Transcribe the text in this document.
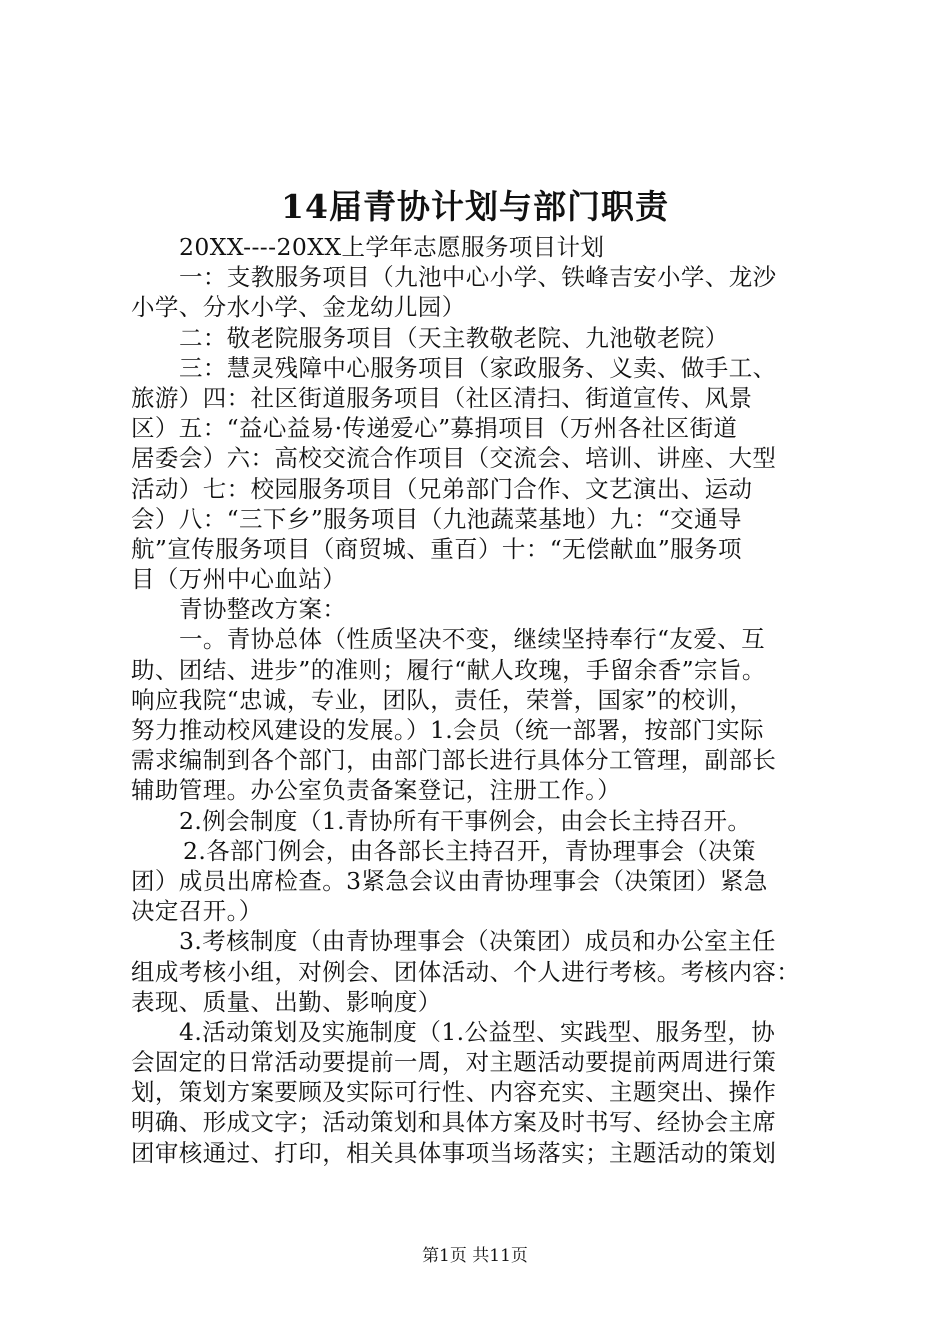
14届青协计划与部门职责
20XX----20XX上学年志愿服务项目计划
一：支教服务项目（九池中心小学、铁峰吉安小学、龙沙
小学、分水小学、金龙幼儿园）
二：敬老院服务项目（天主教敬老院、九池敬老院）
三：慧灵残障中心服务项目（家政服务、义卖、做手工、
旅游）四：社区街道服务项目（社区清扫、街道宣传、风景
区）五：“益心益易·传递爱心”募捐项目（万州各社区街道
居委会）六：高校交流合作项目（交流会、培训、讲座、大型
活动）七：校园服务项目（兄弟部门合作、文艺演出、运动
会）八：“三下乡”服务项目（九池蔬菜基地）九：“交通导
航”宣传服务项目（商贸城、重百）十：“无偿献血”服务项
目（万州中心血站）
青协整改方案：
一。青协总体（性质坚决不变，继续坚持奉行“友爱、互
助、团结、进步”的准则；履行“献人玫瑰，手留余香”宗旨。
响应我院“忠诚，专业，团队，责任，荣誉，国家”的校训，
努力推动校风建设的发展。）1.会员（统一部署，按部门实际
需求编制到各个部门，由部门部长进行具体分工管理，副部长
辅助管理。办公室负责备案登记，注册工作。）
2.例会制度（1.青协所有干事例会，由会长主持召开。
2.各部门例会，由各部长主持召开，青协理事会（决策
团）成员出席检查。3紧急会议由青协理事会（决策团）紧急
决定召开。）
3.考核制度（由青协理事会（决策团）成员和办公室主任
组成考核小组，对例会、团体活动、个人进行考核。考核内容：
表现、质量、出勤、影响度）
4.活动策划及实施制度（1.公益型、实践型、服务型，协
会固定的日常活动要提前一周，对主题活动要提前两周进行策
划，策划方案要顾及实际可行性、内容充实、主题突出、操作
明确、形成文字；活动策划和具体方案及时书写、经协会主席
团审核通过、打印，相关具体事项当场落实；主题活动的策划
第1页 共11页
